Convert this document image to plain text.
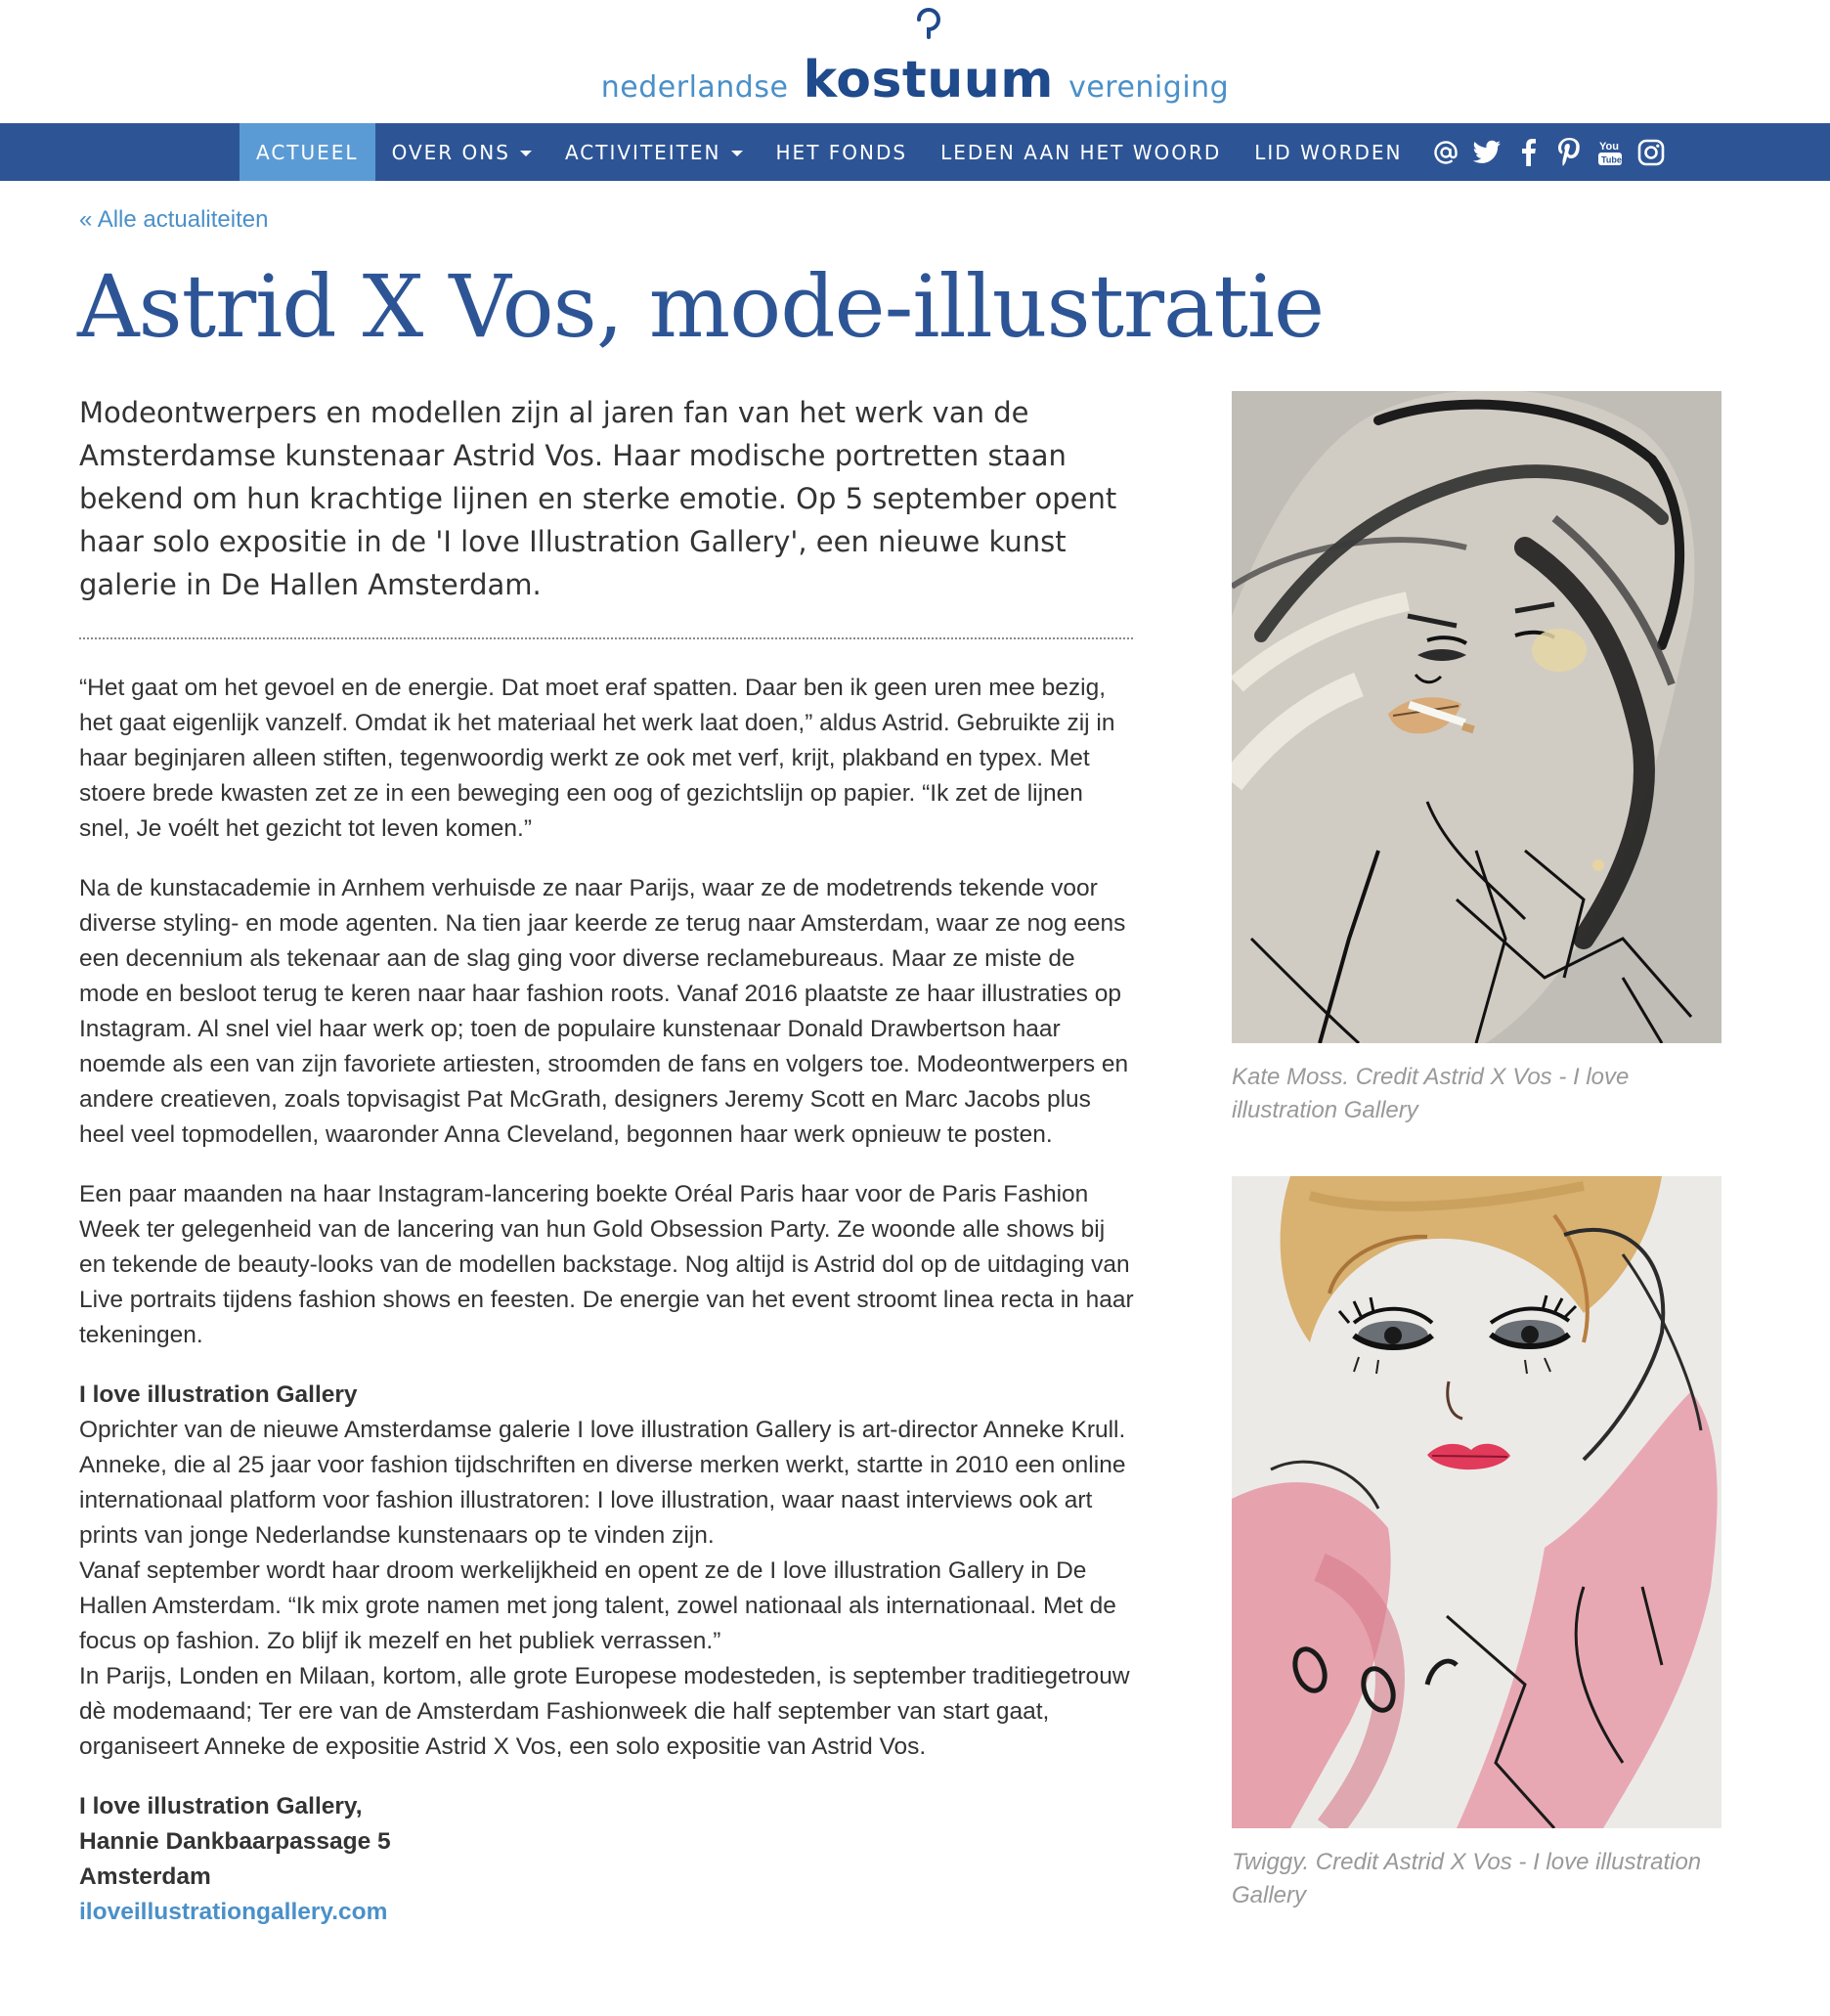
nederlandse kostuum vereniging
ACTUEEL OVER ONS	ACTIVITEITEN	HET FONDS LEDEN AAN HET WOORD LID WORDEN	You
Tube
« Alle actualiteiten
Astrid X Vos, mode-illustratie

Modeontwerpers en modellen zijn al jaren fan van het werk van de Amsterdamse kunstenaar Astrid Vos. Haar modische portretten staan bekend om hun krachtige lijnen en sterke emotie. Op 5 september opent haar solo expositie in de 'I love Illustration Gallery', een nieuwe kunst galerie in De Hallen Amsterdam.

“Het gaat om het gevoel en de energie. Dat moet eraf spatten. Daar ben ik geen uren mee bezig, het gaat eigenlijk vanzelf. Omdat ik het materiaal het werk laat doen,” aldus Astrid. Gebruikte zij in haar beginjaren alleen stiften, tegenwoordig werkt ze ook met verf, krijt, plakband en typex. Met stoere brede kwasten zet ze in een beweging een oog of gezichtslijn op papier. “Ik zet de lijnen snel, Je voélt het gezicht tot leven komen.”

Na de kunstacademie in Arnhem verhuisde ze naar Parijs, waar ze de modetrends tekende voor diverse styling- en mode agenten. Na tien jaar keerde ze terug naar Amsterdam, waar ze nog eens een decennium als tekenaar aan de slag ging voor diverse reclamebureaus. Maar ze miste de mode en besloot terug te keren naar haar fashion roots. Vanaf 2016 plaatste ze haar illustraties op Instagram. Al snel viel haar werk op; toen de populaire kunstenaar Donald Drawbertson haar noemde als een van zijn favoriete artiesten, stroomden de fans en volgers toe. Modeontwerpers en andere creatieven, zoals topvisagist Pat McGrath, designers Jeremy Scott en Marc Jacobs plus heel veel topmodellen, waaronder Anna Cleveland, begonnen haar werk opnieuw te posten.

Een paar maanden na haar Instagram-lancering boekte Oréal Paris haar voor de Paris Fashion Week ter gelegenheid van de lancering van hun Gold Obsession Party. Ze woonde alle shows bij en tekende de beauty-looks van de modellen backstage. Nog altijd is Astrid dol op de uitdaging van Live portraits tijdens fashion shows en feesten. De energie van het event stroomt linea recta in haar tekeningen.

I love illustration Gallery
Oprichter van de nieuwe Amsterdamse galerie I love illustration Gallery is art-director Anneke Krull. Anneke, die al 25 jaar voor fashion tijdschriften en diverse merken werkt, startte in 2010 een online internationaal platform voor fashion illustratoren: I love illustration, waar naast interviews ook art prints van jonge Nederlandse kunstenaars op te vinden zijn.
Vanaf september wordt haar droom werkelijkheid en opent ze de I love illustration Gallery in De Hallen Amsterdam. “Ik mix grote namen met jong talent, zowel nationaal als internationaal. Met de focus op fashion. Zo blijf ik mezelf en het publiek verrassen.”
In Parijs, Londen en Milaan, kortom, alle grote Europese modesteden, is september traditiegetrouw dè modemaand; Ter ere van de Amsterdam Fashionweek die half september van start gaat, organiseert Anneke de expositie Astrid X Vos, een solo expositie van Astrid Vos.

I love illustration Gallery,
Hannie Dankbaarpassage 5
Amsterdam
iloveillustrationgallery.com

Kate Moss. Credit Astrid X Vos - I love illustration Gallery
Twiggy. Credit Astrid X Vos - I love illustration Gallery
